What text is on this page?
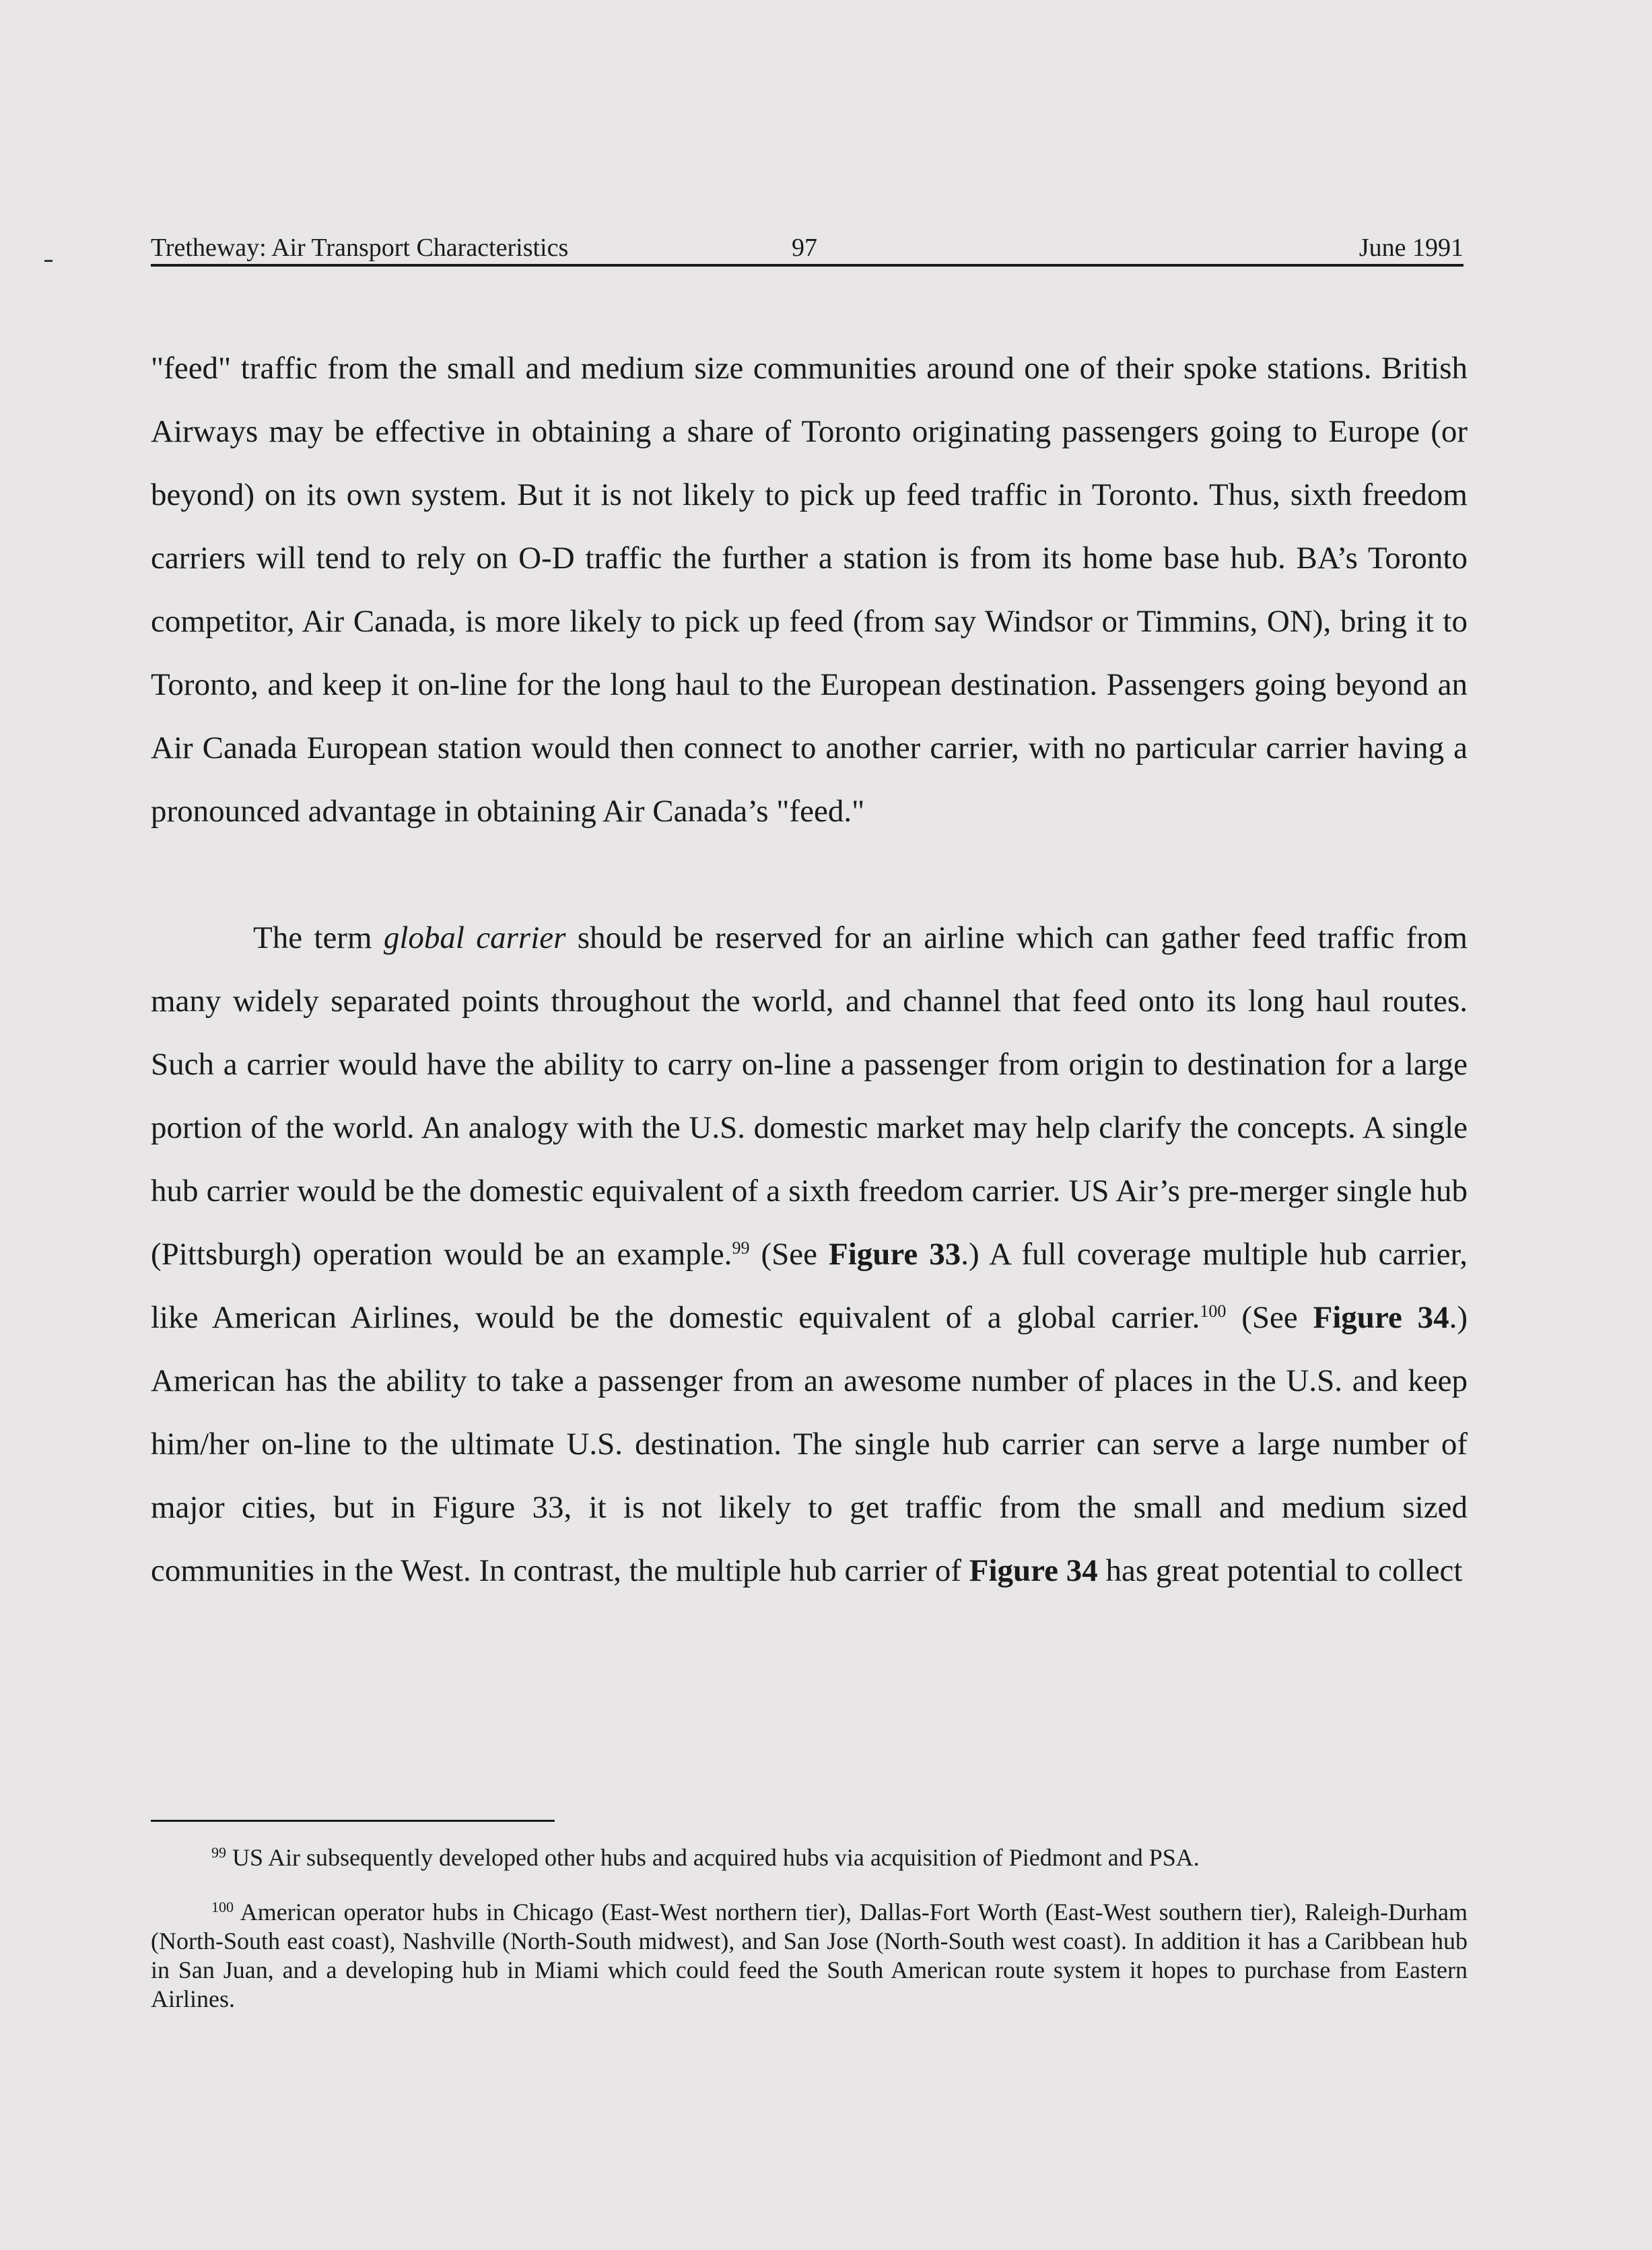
Tretheway: Air Transport Characteristics	97	June 1991

"feed" traffic from the small and medium size communities around one of their spoke stations. British Airways may be effective in obtaining a share of Toronto originating passengers going to Europe (or beyond) on its own system. But it is not likely to pick up feed traffic in Toronto. Thus, sixth freedom carriers will tend to rely on O-D traffic the further a station is from its home base hub. BA’s Toronto competitor, Air Canada, is more likely to pick up feed (from say Windsor or Timmins, ON), bring it to Toronto, and keep it on-line for the long haul to the European destination. Passengers going beyond an Air Canada European station would then connect to another carrier, with no particular carrier having a pronounced advantage in obtaining Air Canada’s "feed."

The term global carrier should be reserved for an airline which can gather feed traffic from many widely separated points throughout the world, and channel that feed onto its long haul routes. Such a carrier would have the ability to carry on-line a passenger from origin to destination for a large portion of the world. An analogy with the U.S. domestic market may help clarify the concepts. A single hub carrier would be the domestic equivalent of a sixth freedom carrier. US Air’s pre-merger single hub (Pittsburgh) operation would be an example.$^{99}$ (See Figure 33.) A full coverage multiple hub carrier, like American Airlines, would be the domestic equivalent of a global carrier.$^{100}$ (See Figure 34.) American has the ability to take a passenger from an awesome number of places in the U.S. and keep him/her on-line to the ultimate U.S. destination. The single hub carrier can serve a large number of major cities, but in Figure 33, it is not likely to get traffic from the small and medium sized communities in the West. In contrast, the multiple hub carrier of Figure 34 has great potential to collect

$^{99}$ US Air subsequently developed other hubs and acquired hubs via acquisition of Piedmont and PSA.

$^{100}$ American operator hubs in Chicago (East-West northern tier), Dallas-Fort Worth (East-West southern tier), Raleigh-Durham (North-South east coast), Nashville (North-South midwest), and San Jose (North-South west coast). In addition it has a Caribbean hub in San Juan, and a developing hub in Miami which could feed the South American route system it hopes to purchase from Eastern Airlines.
